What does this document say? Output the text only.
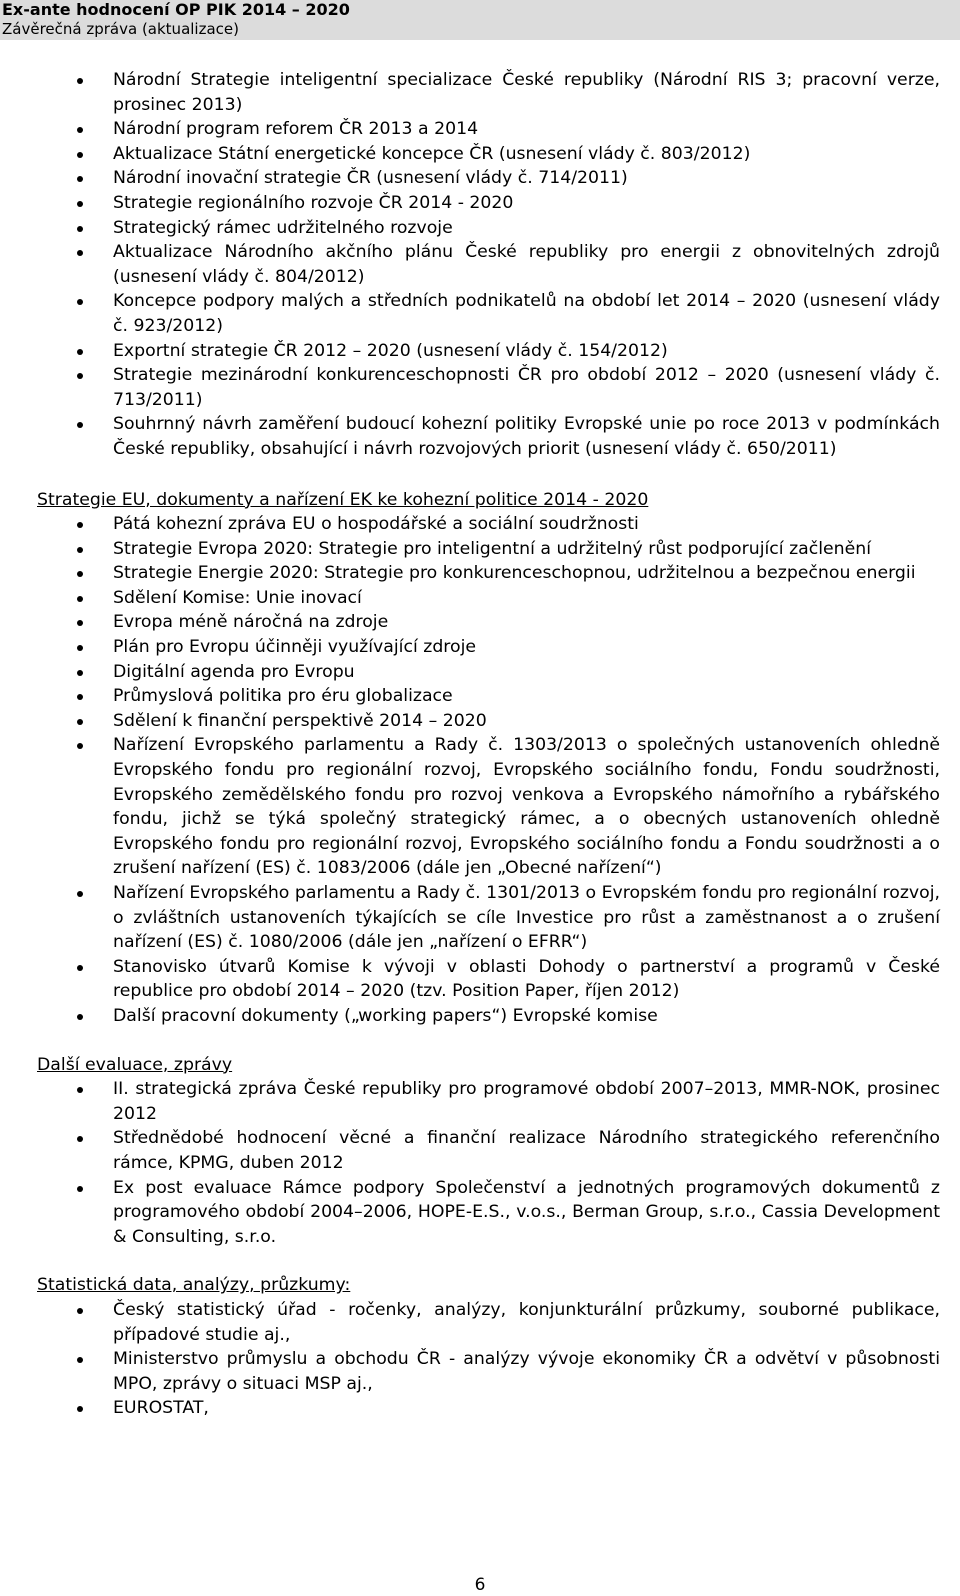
Ex-ante hodnocení OP PIK 2014 – 2020
Závěrečná zpráva (aktualizace)
Národní Strategie inteligentní specializace České republiky (Národní RIS 3; pracovní verze, prosinec 2013)
Národní program reforem ČR 2013 a 2014
Aktualizace Státní energetické koncepce ČR (usnesení vlády č. 803/2012)
Národní inovační strategie ČR (usnesení vlády č. 714/2011)
Strategie regionálního rozvoje ČR 2014 - 2020
Strategický rámec udržitelného rozvoje
Aktualizace Národního akčního plánu České republiky pro energii z obnovitelných zdrojů (usnesení vlády č. 804/2012)
Koncepce podpory malých a středních podnikatelů na období let 2014 – 2020 (usnesení vlády č. 923/2012)
Exportní strategie ČR 2012 – 2020 (usnesení vlády č. 154/2012)
Strategie mezinárodní konkurenceschopnosti ČR pro období 2012 – 2020 (usnesení vlády č. 713/2011)
Souhrnný návrh zaměření budoucí kohezní politiky Evropské unie po roce 2013 v podmínkách České republiky, obsahující i návrh rozvojových priorit (usnesení vlády č. 650/2011)

Strategie EU, dokumenty a nařízení EK ke kohezní politice 2014 - 2020

Pátá kohezní zpráva EU o hospodářské a sociální soudržnosti
Strategie Evropa 2020: Strategie pro inteligentní a udržitelný růst podporující začlenění
Strategie Energie 2020: Strategie pro konkurenceschopnou, udržitelnou a bezpečnou energii
Sdělení Komise: Unie inovací
Evropa méně náročná na zdroje
Plán pro Evropu účinněji využívající zdroje
Digitální agenda pro Evropu
Průmyslová politika pro éru globalizace
Sdělení k finanční perspektivě 2014 – 2020
Nařízení Evropského parlamentu a Rady č. 1303/2013 o společných ustanoveních ohledně Evropského fondu pro regionální rozvoj, Evropského sociálního fondu, Fondu soudržnosti, Evropského zemědělského fondu pro rozvoj venkova a Evropského námořního a rybářského fondu, jichž se týká společný strategický rámec, a o obecných ustanoveních ohledně Evropského fondu pro regionální rozvoj, Evropského sociálního fondu a Fondu soudržnosti a o zrušení nařízení (ES) č. 1083/2006 (dále jen „Obecné nařízení“)
Nařízení Evropského parlamentu a Rady č. 1301/2013 o Evropském fondu pro regionální rozvoj, o zvláštních ustanoveních týkajících se cíle Investice pro růst a zaměstnanost a o zrušení nařízení (ES) č. 1080/2006 (dále jen „nařízení o EFRR“)
Stanovisko útvarů Komise k vývoji v oblasti Dohody o partnerství a programů v České republice pro období 2014 – 2020 (tzv. Position Paper, říjen 2012)
Další pracovní dokumenty („working papers“) Evropské komise

Další evaluace, zprávy

II. strategická zpráva České republiky pro programové období 2007–2013, MMR-NOK, prosinec 2012
Střednědobé hodnocení věcné a finanční realizace Národního strategického referenčního rámce, KPMG, duben 2012
Ex post evaluace Rámce podpory Společenství a jednotných programových dokumentů z programového období 2004–2006, HOPE-E.S., v.o.s., Berman Group, s.r.o., Cassia Development & Consulting, s.r.o.

Statistická data, analýzy, průzkumy:

Český statistický úřad - ročenky, analýzy, konjunkturální průzkumy, souborné publikace, případové studie aj.,
Ministerstvo průmyslu a obchodu ČR - analýzy vývoje ekonomiky ČR a odvětví v působnosti MPO, zprávy o situaci MSP aj.,
EUROSTAT,
6
